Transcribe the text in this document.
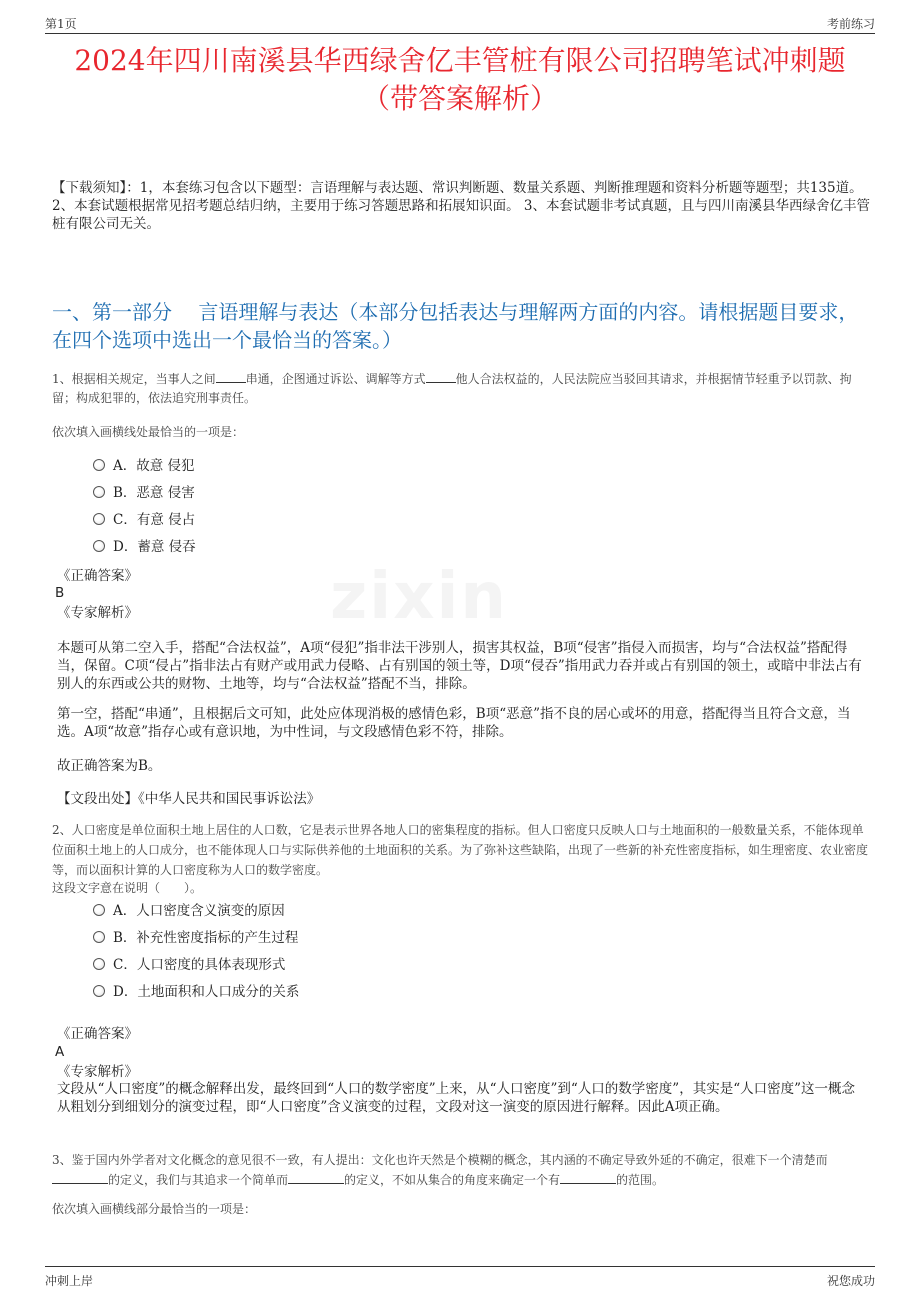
第1页	考前练习
zixin
2024年四川南溪县华西绿舍亿丰管桩有限公司招聘笔试冲刺题
（带答案解析）
【下载须知】：1，本套练习包含以下题型：言语理解与表达题、常识判断题、数量关系题、判断推理题和资料分析题等题型；共135道。 2、本套试题根据常见招考题总结归纳，主要用于练习答题思路和拓展知识面。 3、本套试题非考试真题，且与四川南溪县华西绿舍亿丰管桩有限公司无关。
一、第一部分　 言语理解与表达（本部分包括表达与理解两方面的内容。请根据题目要求，在四个选项中选出一个最恰当的答案。）
1、根据相关规定，当事人之间	串通，企图通过诉讼、调解等方式	他人合法权益的，人民法院应当驳回其请求，并根据情节轻重予以罚款、拘留；构成犯罪的，依法追究刑事责任。
依次填入画横线处最恰当的一项是：
A．故意 侵犯
B．恶意 侵害
C．有意 侵占
D．蓄意 侵吞
《正确答案》
B
《专家解析》
本题可从第二空入手，搭配“合法权益”，A项“侵犯”指非法干涉别人，损害其权益，B项“侵害”指侵入而损害，均与“合法权益”搭配得当，保留。C项“侵占”指非法占有财产或用武力侵略、占有别国的领土等，D项“侵吞”指用武力吞并或占有别国的领土，或暗中非法占有别人的东西或公共的财物、土地等，均与“合法权益”搭配不当，排除。
第一空，搭配“串通”，且根据后文可知，此处应体现消极的感情色彩，B项“恶意”指不良的居心或坏的用意，搭配得当且符合文意，当选。A项“故意”指存心或有意识地，为中性词，与文段感情色彩不符，排除。
故正确答案为B。
【文段出处】《中华人民共和国民事诉讼法》
2、人口密度是单位面积土地上居住的人口数，它是表示世界各地人口的密集程度的指标。但人口密度只反映人口与土地面积的一般数量关系，不能体现单位面积土地上的人口成分，也不能体现人口与实际供养他的土地面积的关系。为了弥补这些缺陷，出现了一些新的补充性密度指标，如生理密度、农业密度等，而以面积计算的人口密度称为人口的数学密度。
这段文字意在说明（　　）。
A．人口密度含义演变的原因
B．补充性密度指标的产生过程
C．人口密度的具体表现形式
D．土地面积和人口成分的关系
《正确答案》
A
《专家解析》
文段从“人口密度”的概念解释出发，最终回到“人口的数学密度”上来，从“人口密度”到“人口的数学密度”，其实是“人口密度”这一概念从粗划分到细划分的演变过程，即“人口密度”含义演变的过程，文段对这一演变的原因进行解释。因此A项正确。
3、鉴于国内外学者对文化概念的意见很不一致，有人提出：文化也许天然是个模糊的概念，其内涵的不确定导致外延的不确定，很难下一个清楚而的定义，我们与其追求一个简单而	的定义，不如从集合的角度来确定一个有	的范围。
依次填入画横线部分最恰当的一项是：
冲刺上岸	祝您成功
